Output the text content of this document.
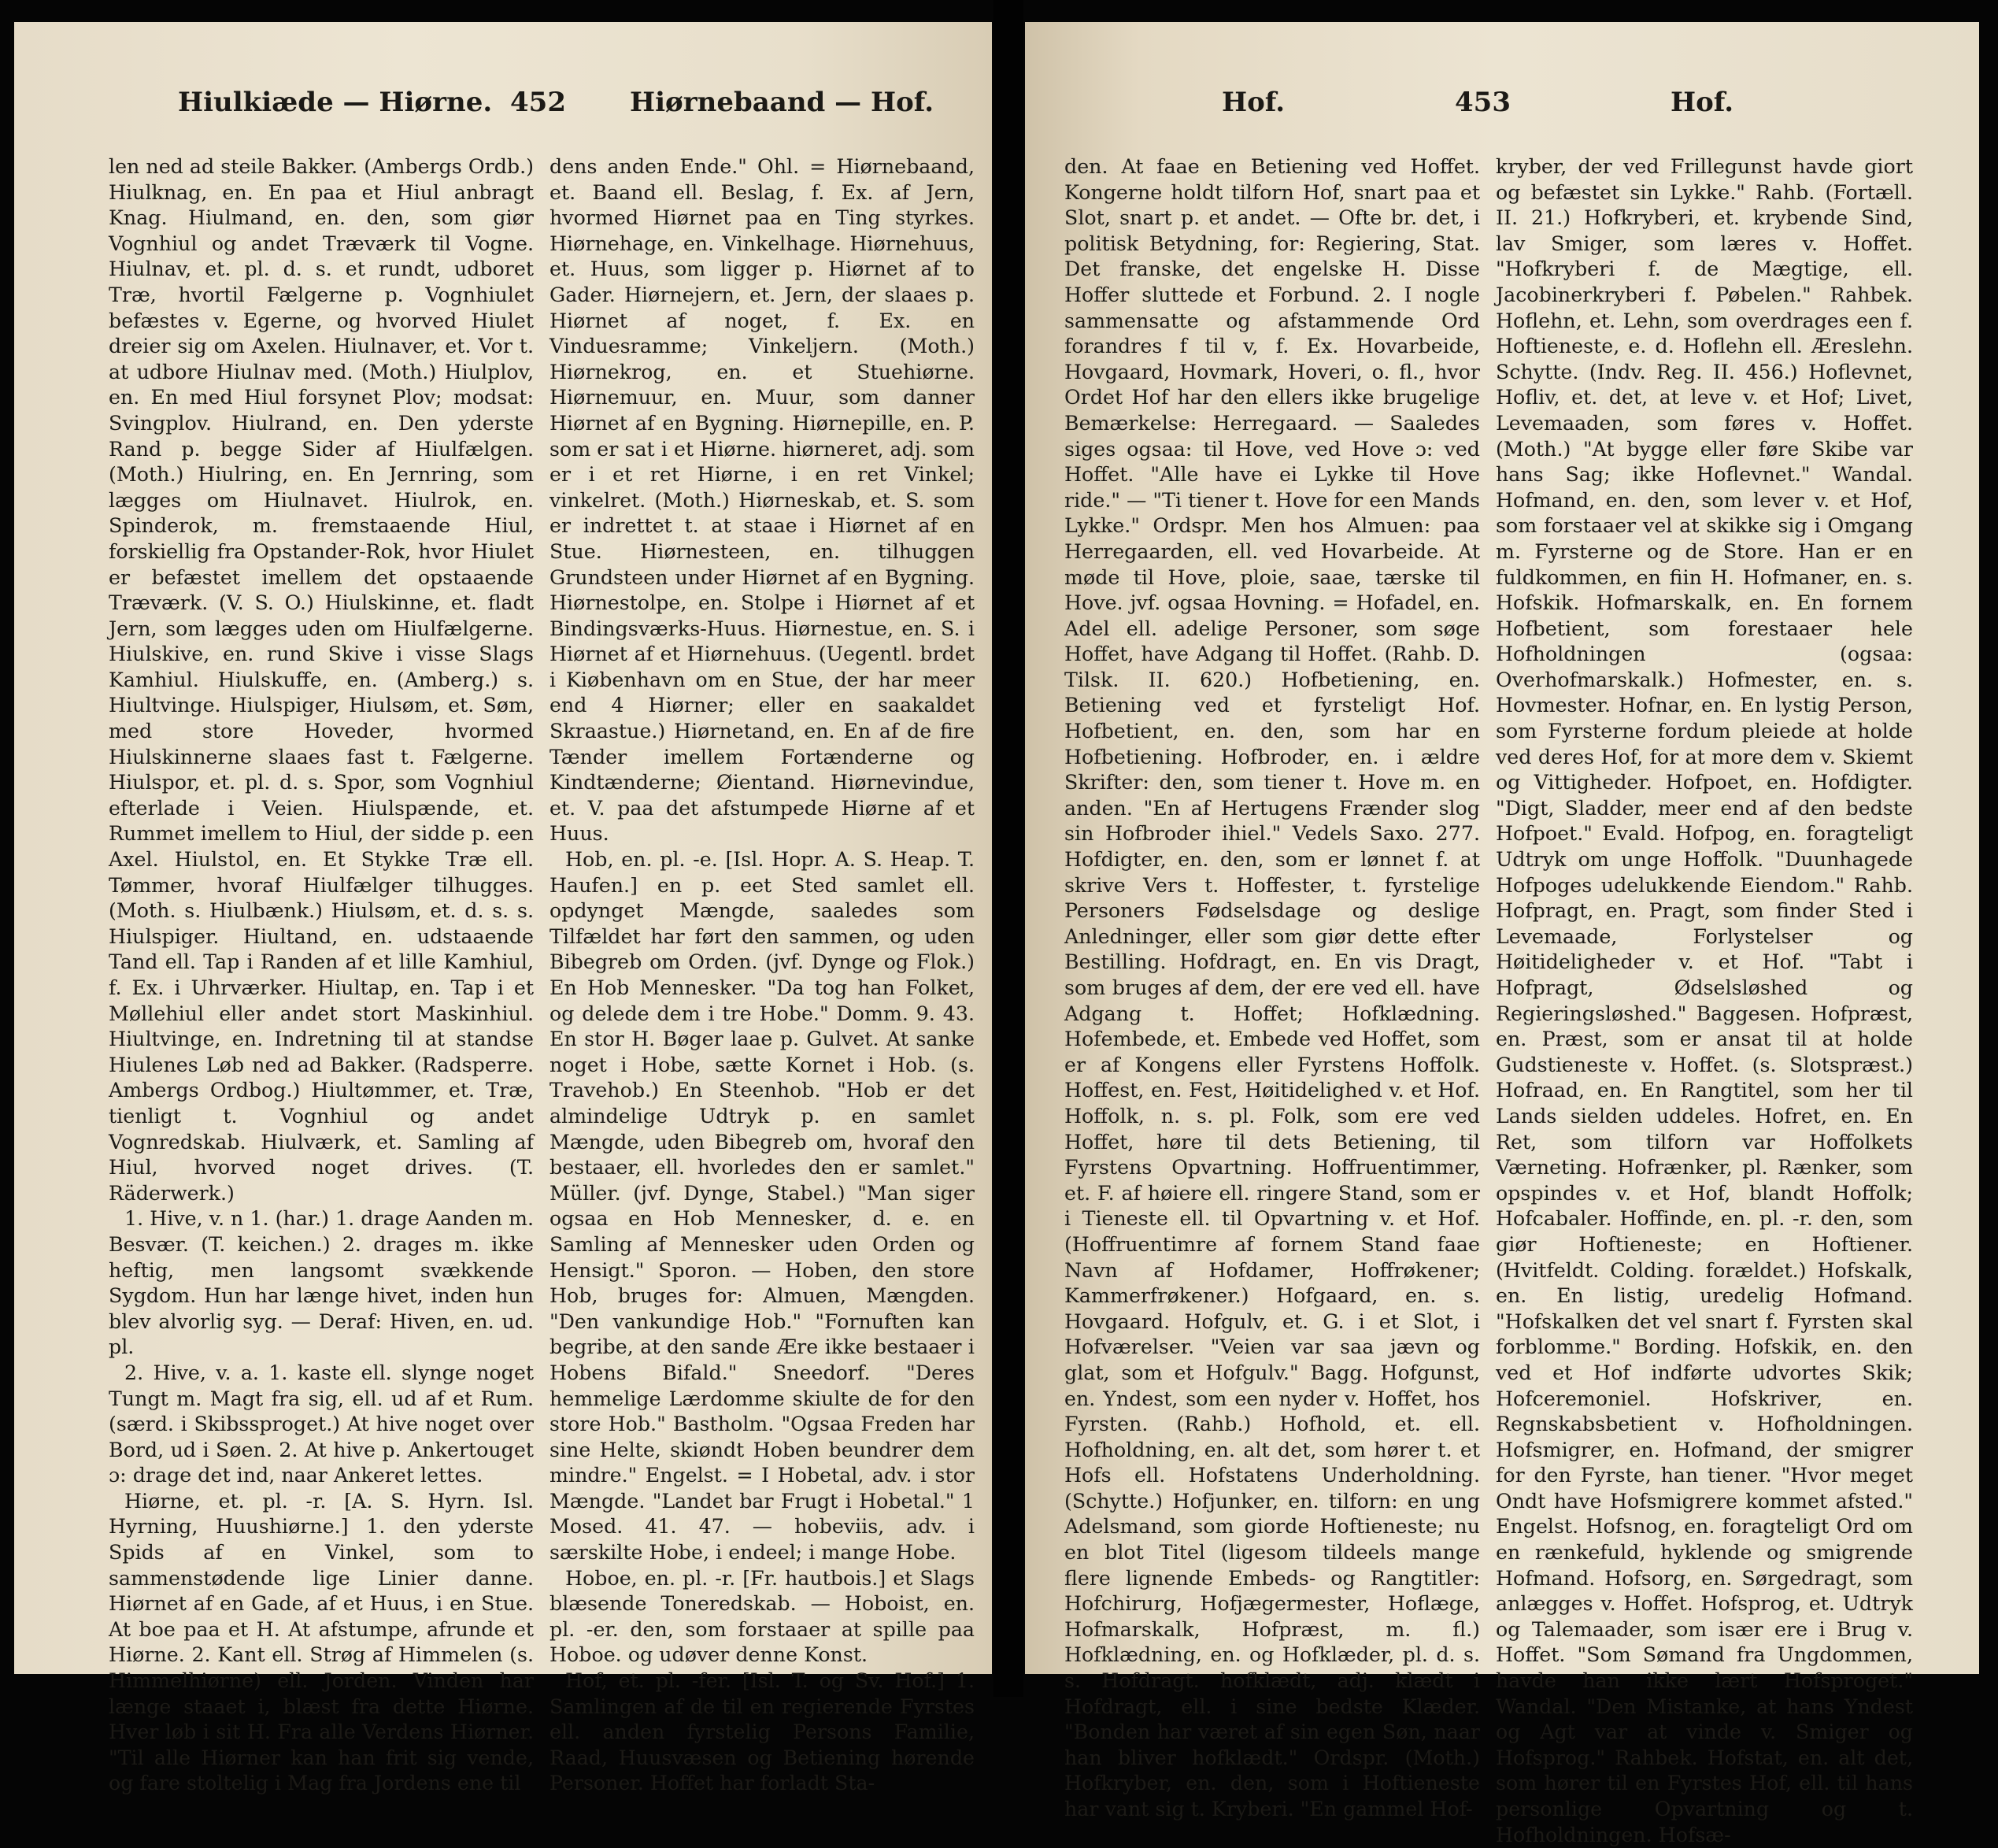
Hiulkiæde — Hiørne. 452 Hiørnebaand — Hof.

len ned ad steile Bakker. (Ambergs Ordb.) Hiulknag, en. En paa et Hiul anbragt Knag. Hiulmand, en. den, som giør Vognhiul og andet Træværk til Vogne. Hiulnav, et. pl. d. s. et rundt, udboret Træ, hvortil Fælgerne p. Vognhiulet befæstes v. Egerne, og hvorved Hiulet dreier sig om Axelen. Hiulnaver, et. Vor t. at udbore Hiulnav med. (Moth.) Hiulplov, en. En med Hiul forsynet Plov; modsat: Svingplov. Hiulrand, en. Den yderste Rand p. begge Sider af Hiulfælgen. (Moth.) Hiulring, en. En Jernring, som lægges om Hiulnavet. Hiulrok, en. Spinderok, m. fremstaaende Hiul, forskiellig fra Opstander-Rok, hvor Hiulet er befæstet imellem det opstaaende Træværk. (V. S. O.) Hiulskinne, et. fladt Jern, som lægges uden om Hiulfælgerne. Hiulskive, en. rund Skive i visse Slags Kamhiul. Hiulskuffe, en. (Amberg.) s. Hiultvinge. Hiulspiger, Hiulsøm, et. Søm, med store Hoveder, hvormed Hiulskinnerne slaaes fast t. Fælgerne. Hiulspor, et. pl. d. s. Spor, som Vognhiul efterlade i Veien. Hiulspænde, et. Rummet imellem to Hiul, der sidde p. een Axel. Hiulstol, en. Et Stykke Træ ell. Tømmer, hvoraf Hiulfælger tilhugges. (Moth. s. Hiulbænk.) Hiulsøm, et. d. s. s. Hiulspiger. Hiultand, en. udstaaende Tand ell. Tap i Randen af et lille Kamhiul, f. Ex. i Uhrværker. Hiultap, en. Tap i et Møllehiul eller andet stort Maskinhiul. Hiultvinge, en. Indretning til at standse Hiulenes Løb ned ad Bakker. (Radsperre. Ambergs Ordbog.) Hiultømmer, et. Træ, tienligt t. Vognhiul og andet Vognredskab. Hiulværk, et. Samling af Hiul, hvorved noget drives. (T. Räderwerk.)

1. Hive, v. n 1. (har.) 1. drage Aanden m. Besvær. (T. keichen.) 2. drages m. ikke heftig, men langsomt svækkende Sygdom. Hun har længe hivet, inden hun blev alvorlig syg. — Deraf: Hiven, en. ud. pl.

2. Hive, v. a. 1. kaste ell. slynge noget Tungt m. Magt fra sig, ell. ud af et Rum. (særd. i Skibssproget.) At hive noget over Bord, ud i Søen. 2. At hive p. Ankertouget ɔ: drage det ind, naar Ankeret lettes.

Hiørne, et. pl. -r. [A. S. Hyrn. Isl. Hyrning, Huushiørne.] 1. den yderste Spids af en Vinkel, som to sammenstødende lige Linier danne. Hiørnet af en Gade, af et Huus, i en Stue. At boe paa et H. At afstumpe, afrunde et Hiørne. 2. Kant ell. Strøg af Himmelen (s. Himmelhiørne) ell. Jorden. Vinden har længe staaet i, blæst fra dette Hiørne. Hver løb i sit H. Fra alle Verdens Hiørner. "Til alle Hiørner kan han frit sig vende, og fare stoltelig i Mag fra Jordens ene til

dens anden Ende." Ohl. = Hiørnebaand, et. Baand ell. Beslag, f. Ex. af Jern, hvormed Hiørnet paa en Ting styrkes. Hiørnehage, en. Vinkelhage. Hiørnehuus, et. Huus, som ligger p. Hiørnet af to Gader. Hiørnejern, et. Jern, der slaaes p. Hiørnet af noget, f. Ex. en Vinduesramme; Vinkeljern. (Moth.) Hiørnekrog, en. et Stuehiørne. Hiørnemuur, en. Muur, som danner Hiørnet af en Bygning. Hiørnepille, en. P. som er sat i et Hiørne. hiørneret, adj. som er i et ret Hiørne, i en ret Vinkel; vinkelret. (Moth.) Hiørneskab, et. S. som er indrettet t. at staae i Hiørnet af en Stue. Hiørnesteen, en. tilhuggen Grundsteen under Hiørnet af en Bygning. Hiørnestolpe, en. Stolpe i Hiørnet af et Bindingsværks-Huus. Hiørnestue, en. S. i Hiørnet af et Hiørnehuus. (Uegentl. brdet i Kiøbenhavn om en Stue, der har meer end 4 Hiørner; eller en saakaldet Skraastue.) Hiørnetand, en. En af de fire Tænder imellem Fortænderne og Kindtænderne; Øientand. Hiørnevindue, et. V. paa det afstumpede Hiørne af et Huus.

Hob, en. pl. -e. [Isl. Hopr. A. S. Heap. T. Haufen.] en p. eet Sted samlet ell. opdynget Mængde, saaledes som Tilfældet har ført den sammen, og uden Bibegreb om Orden. (jvf. Dynge og Flok.) En Hob Mennesker. "Da tog han Folket, og delede dem i tre Hobe." Domm. 9. 43. En stor H. Bøger laae p. Gulvet. At sanke noget i Hobe, sætte Kornet i Hob. (s. Travehob.) En Steenhob. "Hob er det almindelige Udtryk p. en samlet Mængde, uden Bibegreb om, hvoraf den bestaaer, ell. hvorledes den er samlet." Müller. (jvf. Dynge, Stabel.) "Man siger ogsaa en Hob Mennesker, d. e. en Samling af Mennesker uden Orden og Hensigt." Sporon. — Hoben, den store Hob, bruges for: Almuen, Mængden. "Den vankundige Hob." "Fornuften kan begribe, at den sande Ære ikke bestaaer i Hobens Bifald." Sneedorf. "Deres hemmelige Lærdomme skiulte de for den store Hob." Bastholm. "Ogsaa Freden har sine Helte, skiøndt Hoben beundrer dem mindre." Engelst. = I Hobetal, adv. i stor Mængde. "Landet bar Frugt i Hobetal." 1 Mosed. 41. 47. — hobeviis, adv. i særskilte Hobe, i endeel; i mange Hobe.

Hoboe, en. pl. -r. [Fr. hautbois.] et Slags blæsende Toneredskab. — Hoboist, en. pl. -er. den, som forstaaer at spille paa Hoboe. og udøver denne Konst.

Hof, et. pl. -fer. [Isl. T. og Sv. Hof.] 1. Samlingen af de til en regierende Fyrstes ell. anden fyrstelig Persons Familie, Raad, Huusvæsen og Betiening hørende Personer. Hoffet har forladt Sta-

Hof.	453	Hof.

den. At faae en Betiening ved Hoffet. Kongerne holdt tilforn Hof, snart paa et Slot, snart p. et andet. — Ofte br. det, i politisk Betydning, for: Regiering, Stat. Det franske, det engelske H. Disse Hoffer sluttede et Forbund. 2. I nogle sammensatte og afstammende Ord forandres f til v, f. Ex. Hovarbeide, Hovgaard, Hovmark, Hoveri, o. fl., hvor Ordet Hof har den ellers ikke brugelige Bemærkelse: Herregaard. — Saaledes siges ogsaa: til Hove, ved Hove ɔ: ved Hoffet. "Alle have ei Lykke til Hove ride." — "Ti tiener t. Hove for een Mands Lykke." Ordspr. Men hos Almuen: paa Herregaarden, ell. ved Hovarbeide. At møde til Hove, ploie, saae, tærske til Hove. jvf. ogsaa Hovning. = Hofadel, en. Adel ell. adelige Personer, som søge Hoffet, have Adgang til Hoffet. (Rahb. D. Tilsk. II. 620.) Hofbetiening, en. Betiening ved et fyrsteligt Hof. Hofbetient, en. den, som har en Hofbetiening. Hofbroder, en. i ældre Skrifter: den, som tiener t. Hove m. en anden. "En af Hertugens Frænder slog sin Hofbroder ihiel." Vedels Saxo. 277. Hofdigter, en. den, som er lønnet f. at skrive Vers t. Hoffester, t. fyrstelige Personers Fødselsdage og deslige Anledninger, eller som giør dette efter Bestilling. Hofdragt, en. En vis Dragt, som bruges af dem, der ere ved ell. have Adgang t. Hoffet; Hofklædning. Hofembede, et. Embede ved Hoffet, som er af Kongens eller Fyrstens Hoffolk. Hoffest, en. Fest, Høitidelighed v. et Hof. Hoffolk, n. s. pl. Folk, som ere ved Hoffet, høre til dets Betiening, til Fyrstens Opvartning. Hoffruentimmer, et. F. af høiere ell. ringere Stand, som er i Tieneste ell. til Opvartning v. et Hof. (Hoffruentimre af fornem Stand faae Navn af Hofdamer, Hoffrøkener; Kammerfrøkener.) Hofgaard, en. s. Hovgaard. Hofgulv, et. G. i et Slot, i Hofværelser. "Veien var saa jævn og glat, som et Hofgulv." Bagg. Hofgunst, en. Yndest, som een nyder v. Hoffet, hos Fyrsten. (Rahb.) Hofhold, et. ell. Hofholdning, en. alt det, som hører t. et Hofs ell. Hofstatens Underholdning. (Schytte.) Hofjunker, en. tilforn: en ung Adelsmand, som giorde Hoftieneste; nu en blot Titel (ligesom tildeels mange flere lignende Embeds- og Rangtitler: Hofchirurg, Hofjægermester, Hoflæge, Hofmarskalk, Hofpræst, m. fl.) Hofklædning, en. og Hofklæder, pl. d. s. s. Hofdragt. hofklædt, adj. klædt i Hofdragt, ell. i sine bedste Klæder. "Bonden har været af sin egen Søn, naar han bliver hofklædt." Ordspr. (Moth.) Hofkryber, en. den, som i Hoftieneste har vant sig t. Kryberi. "En gammel Hof-

kryber, der ved Frillegunst havde giort og befæstet sin Lykke." Rahb. (Fortæll. II. 21.) Hofkryberi, et. krybende Sind, lav Smiger, som læres v. Hoffet. "Hofkryberi f. de Mægtige, ell. Jacobinerkryberi f. Pøbelen." Rahbek. Hoflehn, et. Lehn, som overdrages een f. Hoftieneste, e. d. Hoflehn ell. Æreslehn. Schytte. (Indv. Reg. II. 456.) Hoflevnet, Hofliv, et. det, at leve v. et Hof; Livet, Levemaaden, som føres v. Hoffet. (Moth.) "At bygge eller føre Skibe var hans Sag; ikke Hoflevnet." Wandal. Hofmand, en. den, som lever v. et Hof, som forstaaer vel at skikke sig i Omgang m. Fyrsterne og de Store. Han er en fuldkommen, en fiin H. Hofmaner, en. s. Hofskik. Hofmarskalk, en. En fornem Hofbetient, som forestaaer hele Hofholdningen (ogsaa: Overhofmarskalk.) Hofmester, en. s. Hovmester. Hofnar, en. En lystig Person, som Fyrsterne fordum pleiede at holde ved deres Hof, for at more dem v. Skiemt og Vittigheder. Hofpoet, en. Hofdigter. "Digt, Sladder, meer end af den bedste Hofpoet." Evald. Hofpog, en. foragteligt Udtryk om unge Hoffolk. "Duunhagede Hofpoges udelukkende Eiendom." Rahb. Hofpragt, en. Pragt, som finder Sted i Levemaade, Forlystelser og Høitideligheder v. et Hof. "Tabt i Hofpragt, Ødselsløshed og Regieringsløshed." Baggesen. Hofpræst, en. Præst, som er ansat til at holde Gudstieneste v. Hoffet. (s. Slotspræst.) Hofraad, en. En Rangtitel, som her til Lands sielden uddeles. Hofret, en. En Ret, som tilforn var Hoffolkets Værneting. Hofrænker, pl. Rænker, som opspindes v. et Hof, blandt Hoffolk; Hofcabaler. Hoffinde, en. pl. -r. den, som giør Hoftieneste; en Hoftiener. (Hvitfeldt. Colding. forældet.) Hofskalk, en. En listig, uredelig Hofmand. "Hofskalken det vel snart f. Fyrsten skal forblomme." Bording. Hofskik, en. den ved et Hof indførte udvortes Skik; Hofceremoniel. Hofskriver, en. Regnskabsbetient v. Hofholdningen. Hofsmigrer, en. Hofmand, der smigrer for den Fyrste, han tiener. "Hvor meget Ondt have Hofsmigrere kommet afsted." Engelst. Hofsnog, en. foragteligt Ord om en rænkefuld, hyklende og smigrende Hofmand. Hofsorg, en. Sørgedragt, som anlægges v. Hoffet. Hofsprog, et. Udtryk og Talemaader, som især ere i Brug v. Hoffet. "Som Sømand fra Ungdommen, havde han ikke lært Hofsproget." Wandal. "Den Mistanke, at hans Yndest og Agt var at vinde v. Smiger og Hofsprog." Rahbek. Hofstat, en. alt det, som hører til en Fyrstes Hof, ell. til hans personlige Opvartning og t. Hofholdningen. Hofsæ-
